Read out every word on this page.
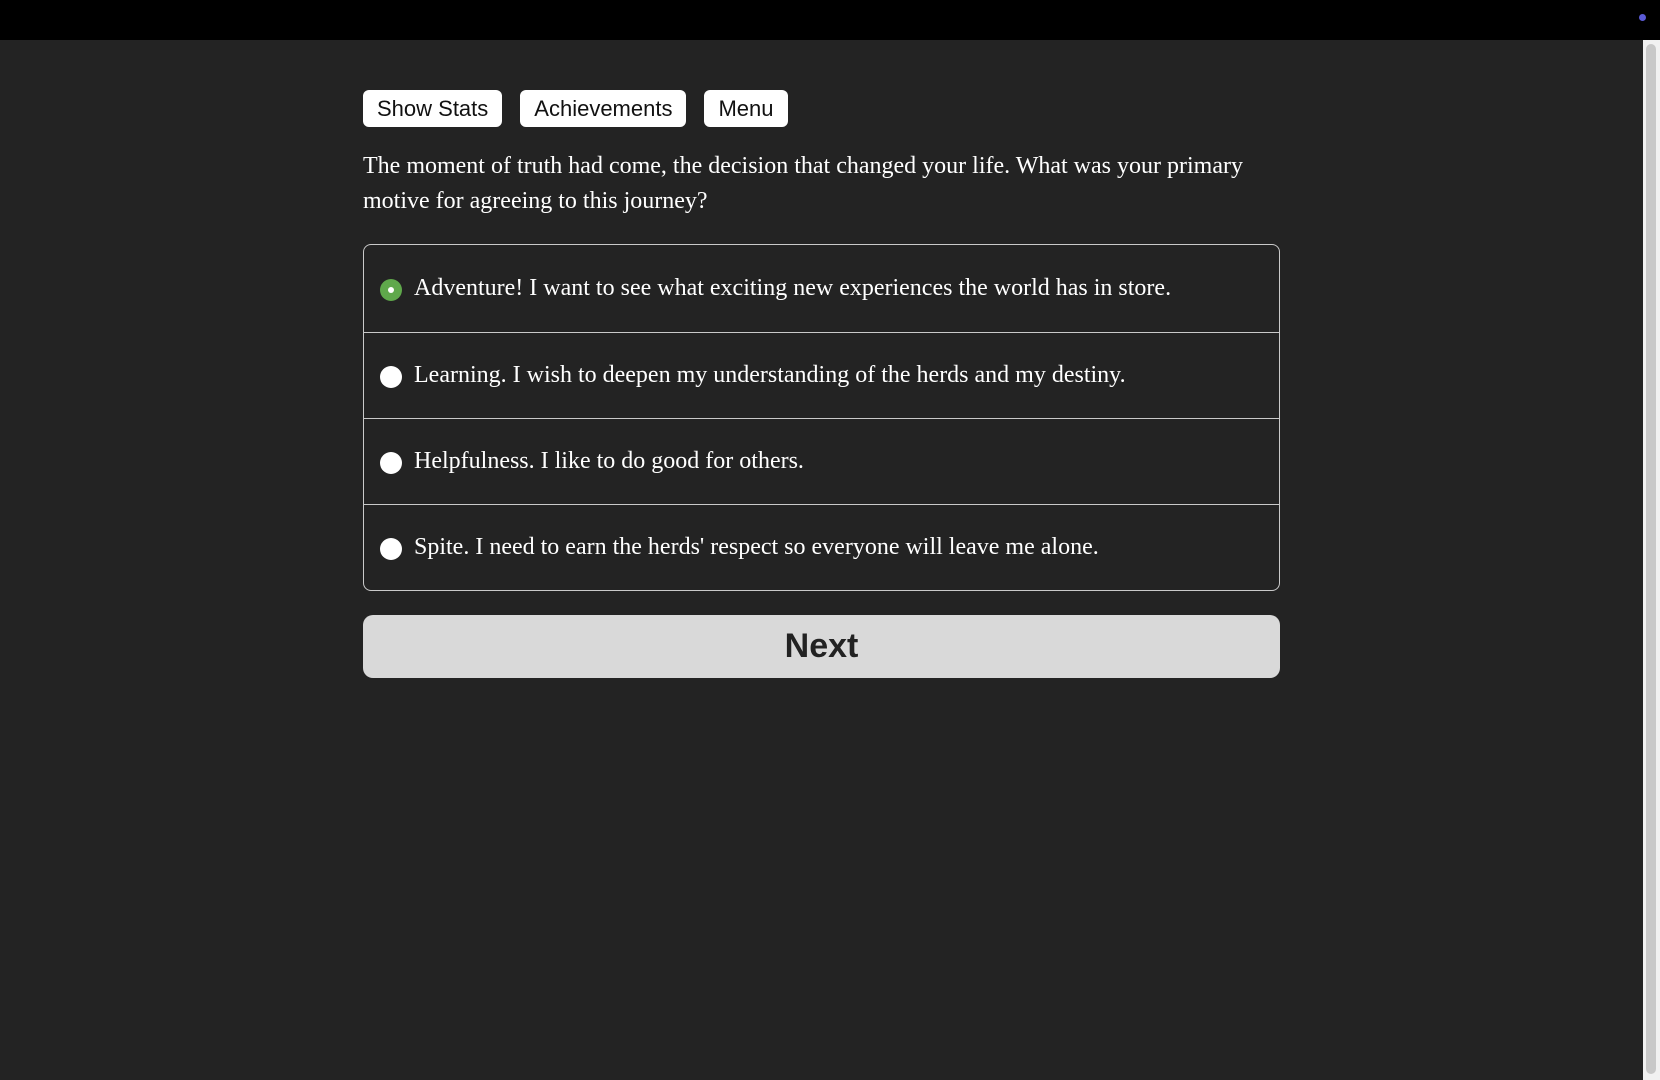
Show Stats	Achievements	Menu
The moment of truth had come, the decision that changed your life. What was your primary motive for agreeing to this journey?
Adventure! I want to see what exciting new experiences the world has in store.
Learning. I wish to deepen my understanding of the herds and my destiny.
Helpfulness. I like to do good for others.
Spite. I need to earn the herds' respect so everyone will leave me alone.
Next
